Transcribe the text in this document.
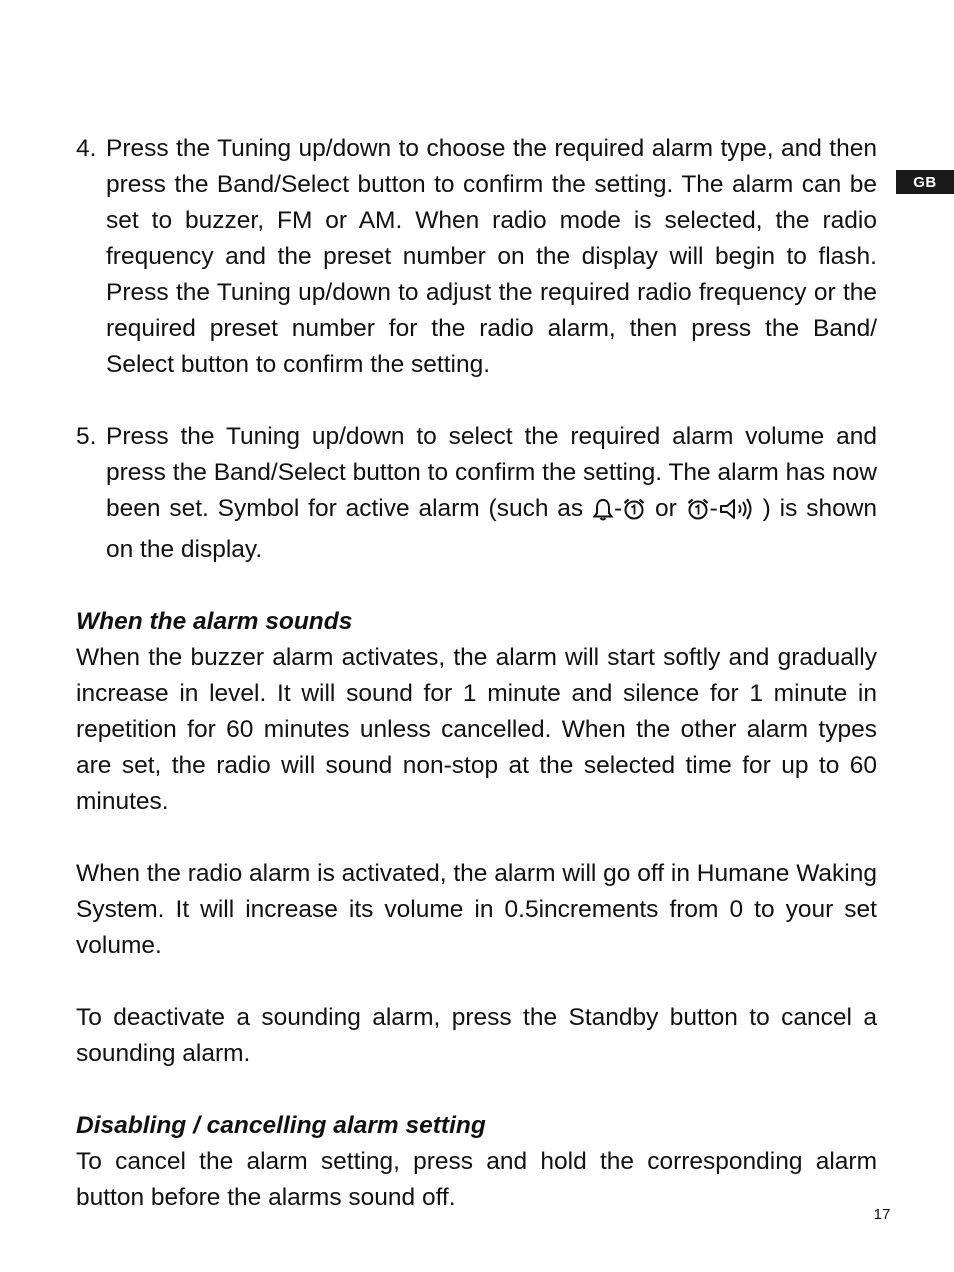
GB
4. Press the Tuning up/down to choose the required alarm type, and then press the Band/Select button to confirm the setting. The alarm can be set to buzzer, FM or AM. When radio mode is selected, the radio frequency and the preset number on the display will begin to flash. Press the Tuning up/down to adjust the required radio frequency or the required preset number for the radio alarm, then press the Band/ Select button to confirm the setting.
5. Press the Tuning up/down to select the required alarm volume and press the Band/Select button to confirm the setting. The alarm has now been set. Symbol for active alarm (such as - or - ) is shown on the display.
When the alarm sounds
When the buzzer alarm activates, the alarm will start softly and gradually increase in level. It will sound for 1 minute and silence for 1 minute in repetition for 60 minutes unless cancelled. When the other alarm types are set, the radio will sound non-stop at the selected time for up to 60 minutes.
When the radio alarm is activated, the alarm will go off in Humane Waking System. It will increase its volume in 0.5increments from 0 to your set volume.
To deactivate a sounding alarm, press the Standby button to cancel a sounding alarm.
Disabling / cancelling alarm setting
To cancel the alarm setting, press and hold the corresponding alarm button before the alarms sound off.
17
